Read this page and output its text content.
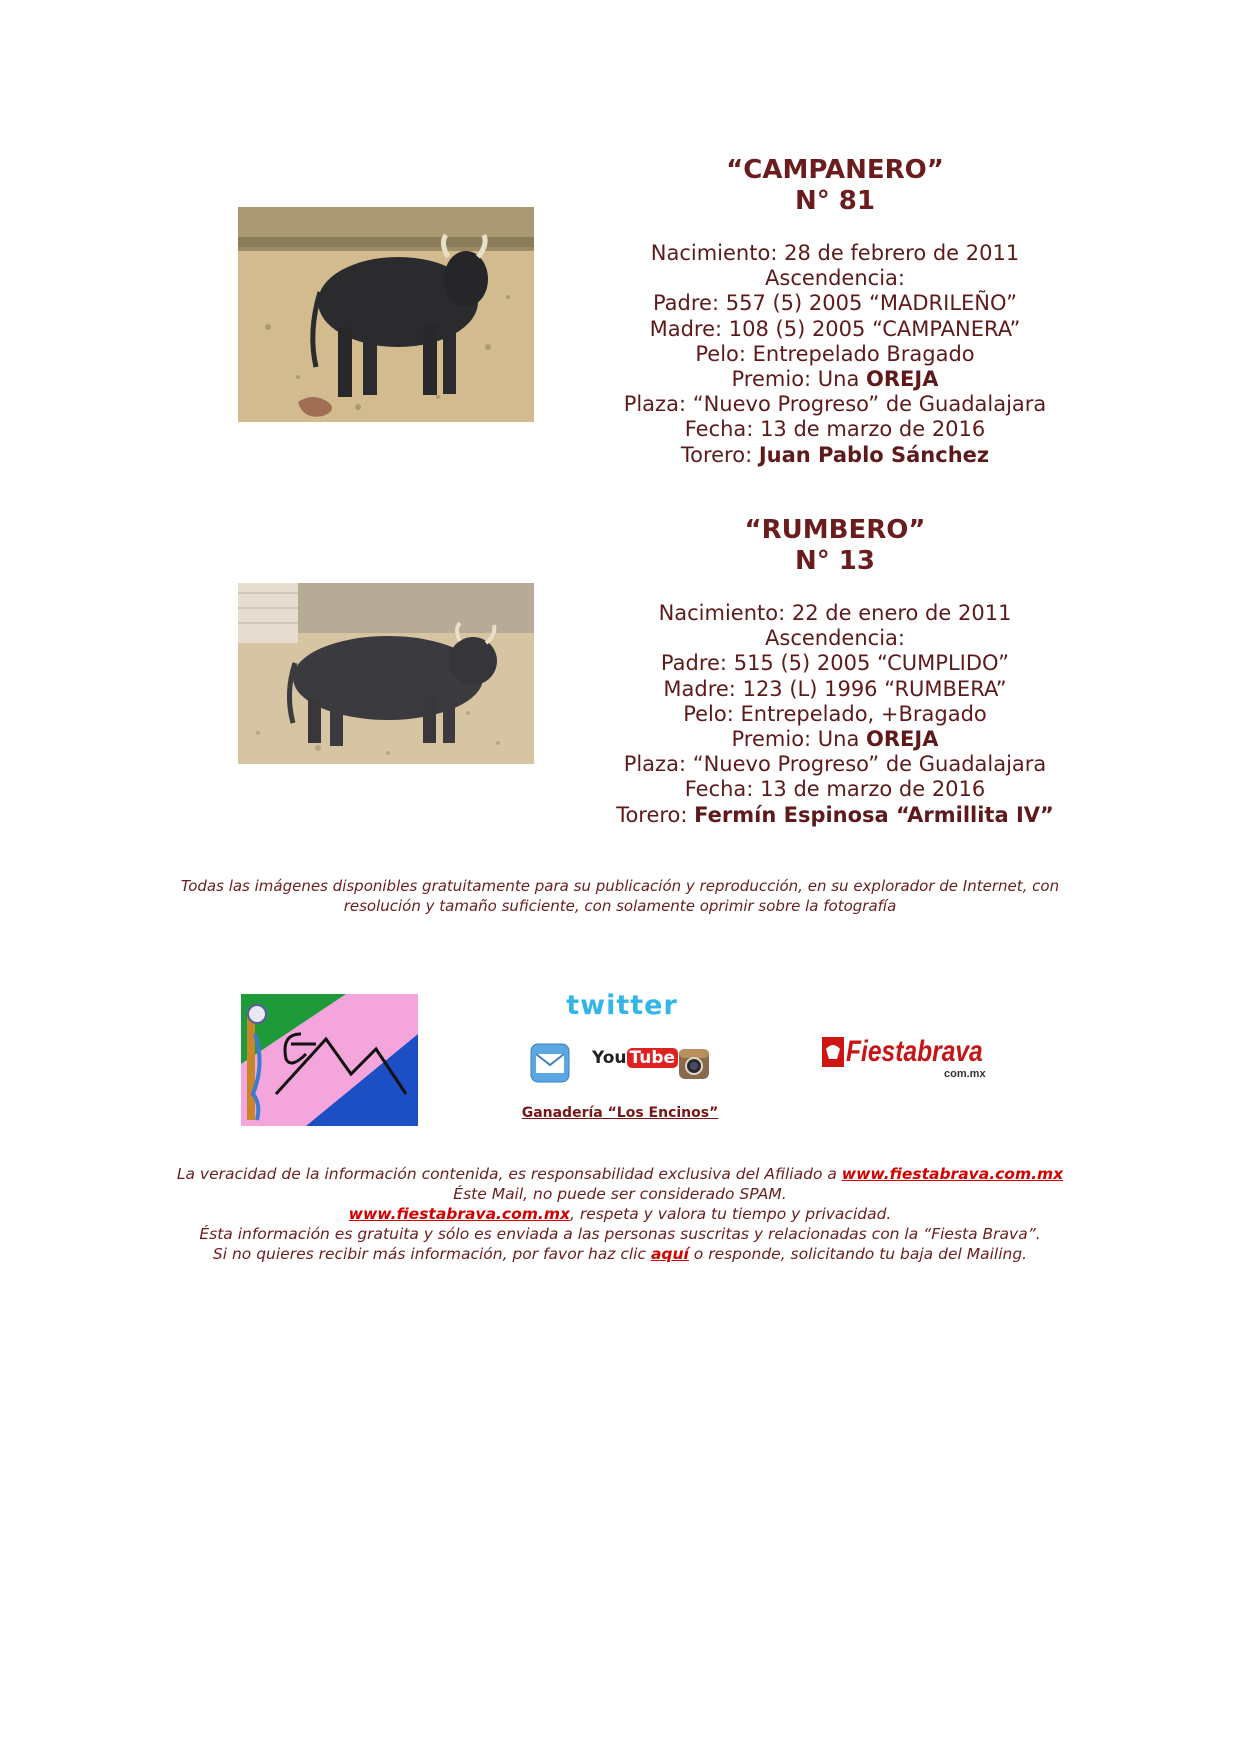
“CAMPANERO”
N° 81
Nacimiento: 28 de febrero de 2011
Ascendencia:
Padre: 557 (5) 2005 “MADRILEÑO”
Madre: 108 (5) 2005 “CAMPANERA”
Pelo: Entrepelado Bragado
Premio: Una OREJA
Plaza: “Nuevo Progreso” de Guadalajara
Fecha: 13 de marzo de 2016
Torero: Juan Pablo Sánchez
“RUMBERO”
N° 13
Nacimiento: 22 de enero de 2011
Ascendencia:
Padre: 515 (5) 2005 “CUMPLIDO”
Madre: 123 (L) 1996 “RUMBERA”
Pelo: Entrepelado, +Bragado
Premio: Una OREJA
Plaza: “Nuevo Progreso” de Guadalajara
Fecha: 13 de marzo de 2016
Torero: Fermín Espinosa “Armillita IV”
Todas las imágenes disponibles gratuitamente para su publicación y reproducción, en su explorador de Internet, con
resolución y tamaño suficiente, con solamente oprimir sobre la fotografía
twitter
You Tube
Ganadería “Los Encinos”
Fiestabrava
com.mx
La veracidad de la información contenida, es responsabilidad exclusiva del Afiliado a www.fiestabrava.com.mx
Éste Mail, no puede ser considerado SPAM.
www.fiestabrava.com.mx, respeta y valora tu tiempo y privacidad.
Ésta información es gratuita y sólo es enviada a las personas suscritas y relacionadas con la “Fiesta Brava”.
Si no quieres recibir más información, por favor haz clic aquí o responde, solicitando tu baja del Mailing.
